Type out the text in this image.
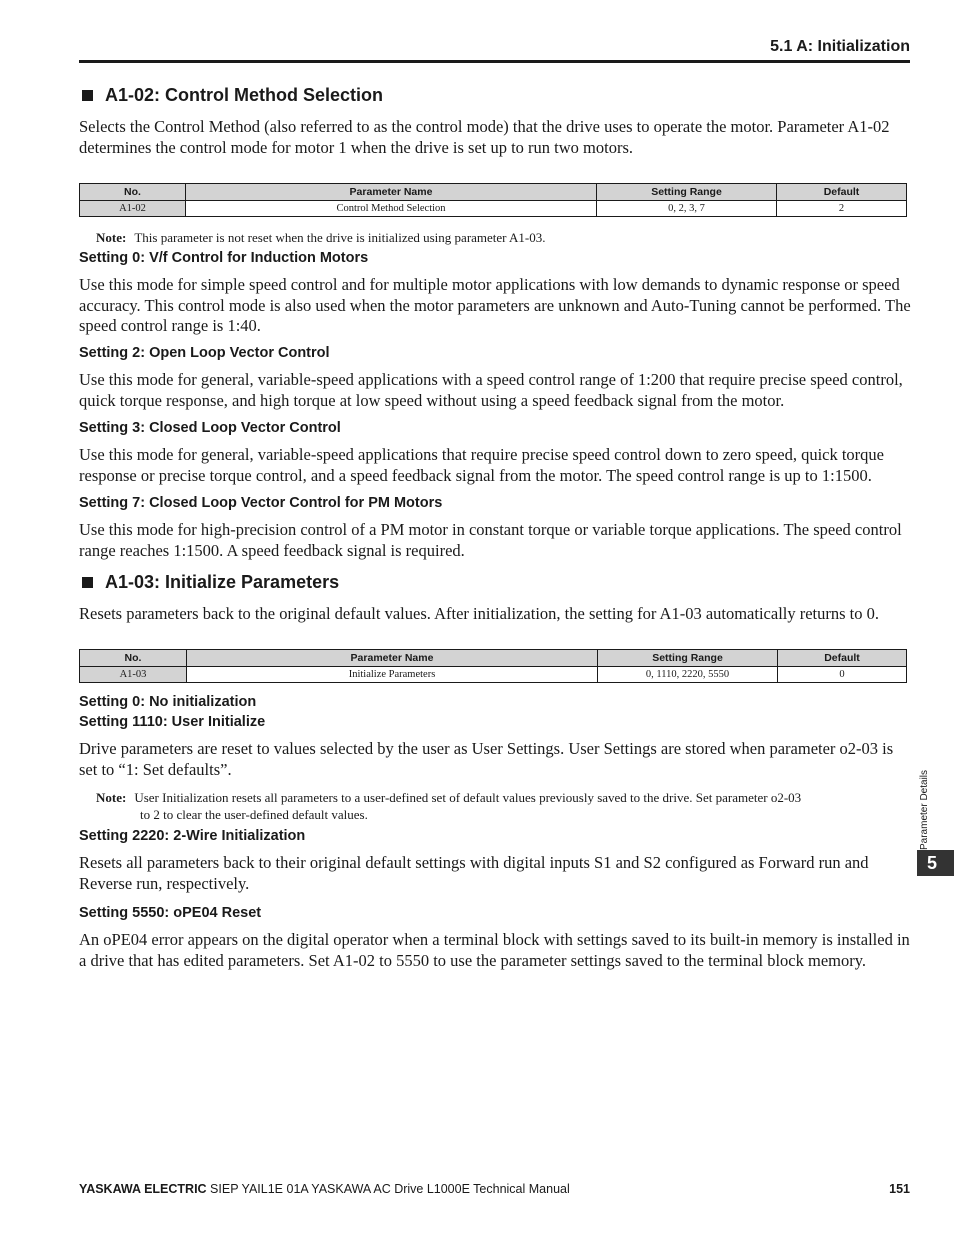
5.1 A: Initialization
A1-02: Control Method Selection
Selects the Control Method (also referred to as the control mode) that the drive uses to operate the motor. Parameter A1-02 determines the control mode for motor 1 when the drive is set up to run two motors.
No.	Parameter Name	Setting Range	Default
A1-02	Control Method Selection	0, 2, 3, 7	2
Note: This parameter is not reset when the drive is initialized using parameter A1-03.
Setting 0: V/f Control for Induction Motors
Use this mode for simple speed control and for multiple motor applications with low demands to dynamic response or speed accuracy. This control mode is also used when the motor parameters are unknown and Auto-Tuning cannot be performed. The speed control range is 1:40.
Setting 2: Open Loop Vector Control
Use this mode for general, variable-speed applications with a speed control range of 1:200 that require precise speed control, quick torque response, and high torque at low speed without using a speed feedback signal from the motor.
Setting 3: Closed Loop Vector Control
Use this mode for general, variable-speed applications that require precise speed control down to zero speed, quick torque response or precise torque control, and a speed feedback signal from the motor. The speed control range is up to 1:1500.
Setting 7: Closed Loop Vector Control for PM Motors
Use this mode for high-precision control of a PM motor in constant torque or variable torque applications. The speed control range reaches 1:1500. A speed feedback signal is required.
A1-03: Initialize Parameters
Resets parameters back to the original default values. After initialization, the setting for A1-03 automatically returns to 0.
No.	Parameter Name	Setting Range	Default
A1-03	Initialize Parameters	0, 1110, 2220, 5550	0
Setting 0: No initialization
Setting 1110: User Initialize
Drive parameters are reset to values selected by the user as User Settings. User Settings are stored when parameter o2-03 is set to “1: Set defaults”.
Note: User Initialization resets all parameters to a user-defined set of default values previously saved to the drive. Set parameter o2-03
to 2 to clear the user-defined default values.
Setting 2220: 2-Wire Initialization
Resets all parameters back to their original default settings with digital inputs S1 and S2 configured as Forward run and Reverse run, respectively.
Setting 5550: oPE04 Reset
An oPE04 error appears on the digital operator when a terminal block with settings saved to its built-in memory is installed in a drive that has edited parameters. Set A1-02 to 5550 to use the parameter settings saved to the terminal block memory.
Parameter Details
5
YASKAWA ELECTRIC SIEP YAIL1E 01A YASKAWA AC Drive L1000E Technical Manual	151
